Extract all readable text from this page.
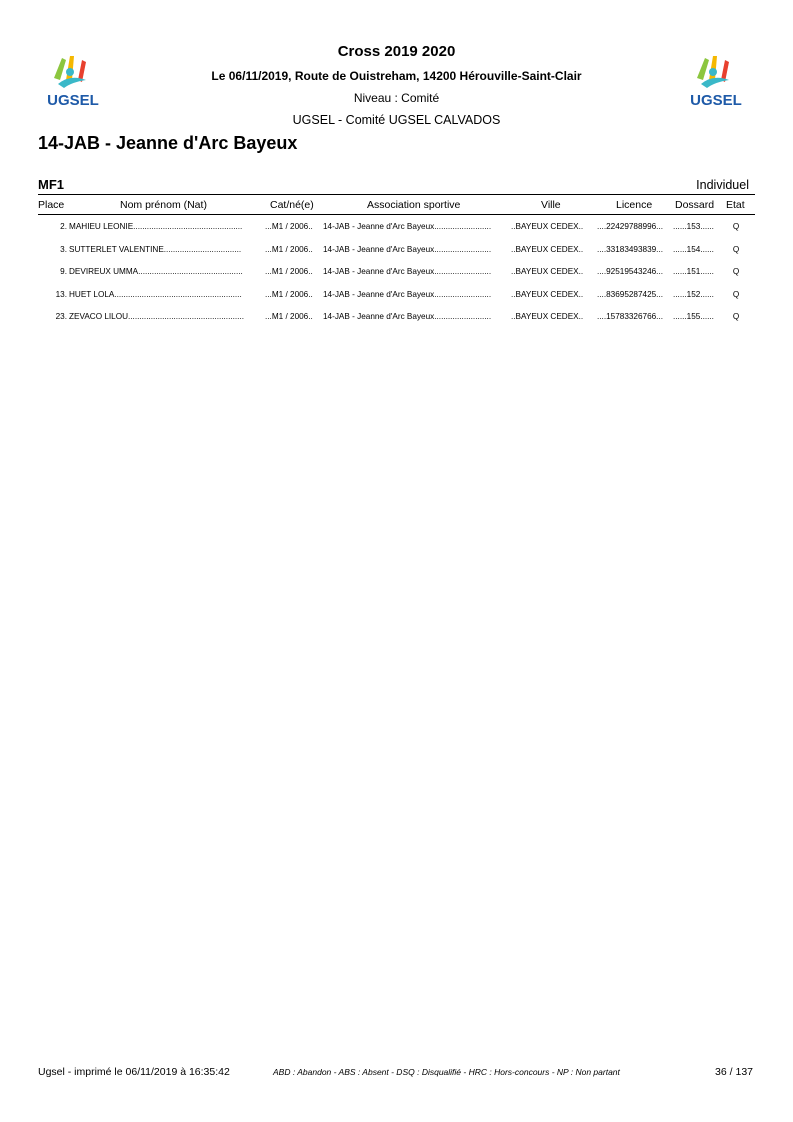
UGSEL	UGSEL
Cross 2019 2020
Le 06/11/2019, Route de Ouistreham, 14200 Hérouville-Saint-Clair
Niveau : Comité
UGSEL - Comité UGSEL CALVADOS
14-JAB - Jeanne d'Arc Bayeux
MF1	Individuel
Place	Nom prénom (Nat)	Cat/né(e)	Association sportive	Ville	Licence Dossard Etat
2. MAHIEU LEONIE................................................	...M1 / 2006..	14-JAB - Jeanne d'Arc Bayeux.........................	..BAYEUX CEDEX..	....22429788996...	......153......	Q
3. SUTTERLET VALENTINE..................................	...M1 / 2006..	14-JAB - Jeanne d'Arc Bayeux.........................	..BAYEUX CEDEX..	....33183493839...	......154......	Q
9. DEVIREUX UMMA..............................................	...M1 / 2006..	14-JAB - Jeanne d'Arc Bayeux.........................	..BAYEUX CEDEX..	....92519543246...	......151......	Q
13. HUET LOLA........................................................	...M1 / 2006..	14-JAB - Jeanne d'Arc Bayeux.........................	..BAYEUX CEDEX..	....83695287425...	......152......	Q
23. ZEVACO LILOU...................................................	...M1 / 2006..	14-JAB - Jeanne d'Arc Bayeux.........................	..BAYEUX CEDEX..	....15783326766...	......155......	Q
Ugsel - imprimé le 06/11/2019 à 16:35:42	ABD : Abandon - ABS : Absent - DSQ : Disqualifié - HRC : Hors-concours - NP : Non partant	36 / 137
